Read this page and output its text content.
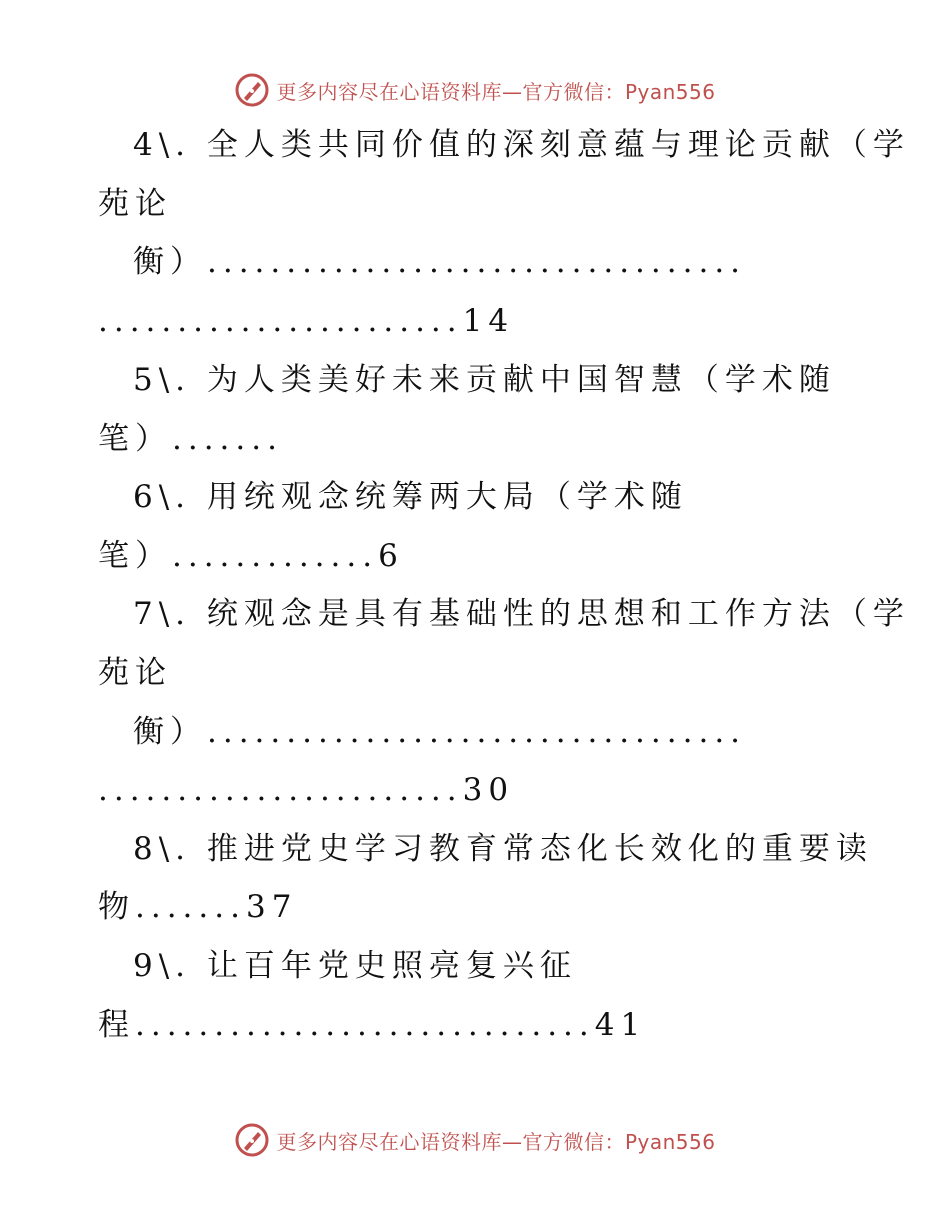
更多内容尽在心语资料库—官方微信：Pyan556
4\. 全人类共同价值的深刻意蕴与理论贡献（学
苑论
衡）..................................
.......................14
5\. 为人类美好未来贡献中国智慧（学术随
笔）.......
6\. 用统观念统筹两大局（学术随
笔）.............6
7\. 统观念是具有基础性的思想和工作方法（学
苑论
衡）..................................
.......................30
8\. 推进党史学习教育常态化长效化的重要读
物.......37
9\. 让百年党史照亮复兴征
程.............................41
更多内容尽在心语资料库—官方微信：Pyan556
